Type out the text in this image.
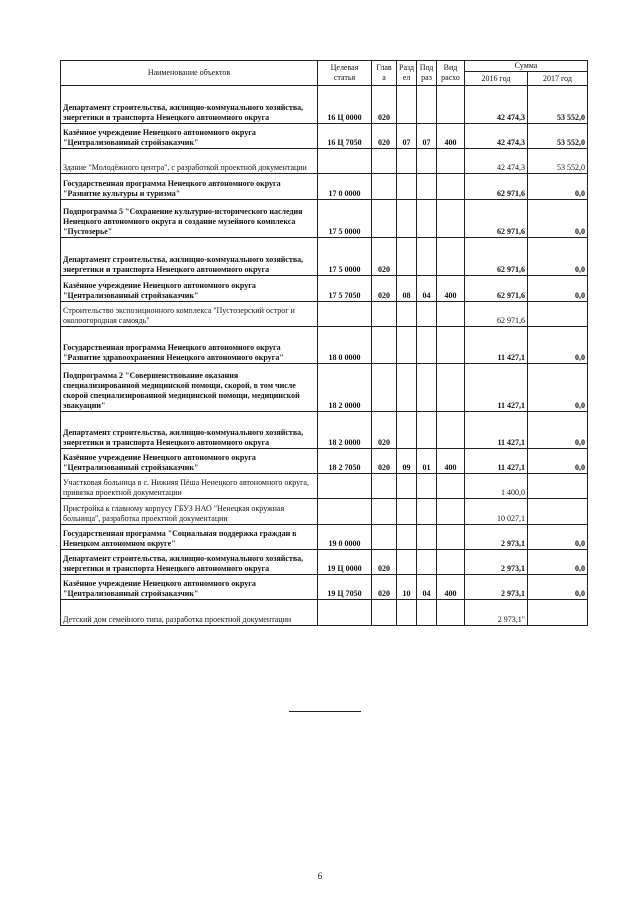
Наименование объектов	Целевая статья	Глав а	Разд ел	Под раз	Вид расхо	Сумма	
						2016 год	2017 год
Департамент строительства, жилищно-коммунального хозяйства, энергетики и транспорта Ненецкого автономного округа	16 Ц 0000	020				42 474,3	53 552,0
Казённое учреждение Ненецкого автономного округа "Централизованный стройзаказчик"	16 Ц 7050	020	07	07	400	42 474,3	53 552,0
Здание "Молодёжного центра", с разработкой проектной документации						42 474,3	53 552,0
Государственная программа Ненецкого автономного округа "Развитие культуры и туризма"	17 0 0000					62 971,6	0,0
Подпрограмма 5 "Сохранение культурно-исторического наследия Ненецкого автономного округа и создание музейного комплекса "Пустозерье"	17 5 0000					62 971,6	0,0
Департамент строительства, жилищно-коммунального хозяйства, энергетики и транспорта Ненецкого автономного округа	17 5 0000	020				62 971,6	0,0
Казённое учреждение Ненецкого автономного округа "Централизованный стройзаказчик"	17 5 7050	020	08	04	400	62 971,6	0,0
Строительство экспозиционного комплекса "Пустозерский острог и околоогородная самоядь"						62 971,6	
Государственная программа Ненецкого автономного округа "Развитие здравоохранения Ненецкого автономного округа"	18 0 0000					11 427,1	0,0
Подпрограмма 2 "Совершенствование оказания специализированной медицинской помощи, скорой, в том числе скорой специализированной медицинской помощи, медицинской эвакуации"	18 2 0000					11 427,1	0,0
Департамент строительства, жилищно-коммунального хозяйства, энергетики и транспорта Ненецкого автономного округа	18 2 0000	020				11 427,1	0,0
Казённое учреждение Ненецкого автономного округа "Централизованный стройзаказчик"	18 2 7050	020	09	01	400	11 427,1	0,0
Участковая больница в с. Нижняя Пёша Ненецкого автономного округа, привязка проектной документации						1 400,0	
Пристройка к главному корпусу ГБУЗ НАО "Ненецкая окружная больница", разработка проектной документации						10 027,1	
Государственная программа "Социальная поддержка граждан в Ненецком автономном округе"	19 0 0000					2 973,1	0,0
Департамент строительства, жилищно-коммунального хозяйства, энергетики и транспорта Ненецкого автономного округа	19 Ц 0000	020				2 973,1	0,0
Казённое учреждение Ненецкого автономного округа "Централизованный стройзаказчик"	19 Ц 7050	020	10	04	400	2 973,1	0,0
Детский дом семейного типа, разработка проектной документации						2 973,1"	
6
